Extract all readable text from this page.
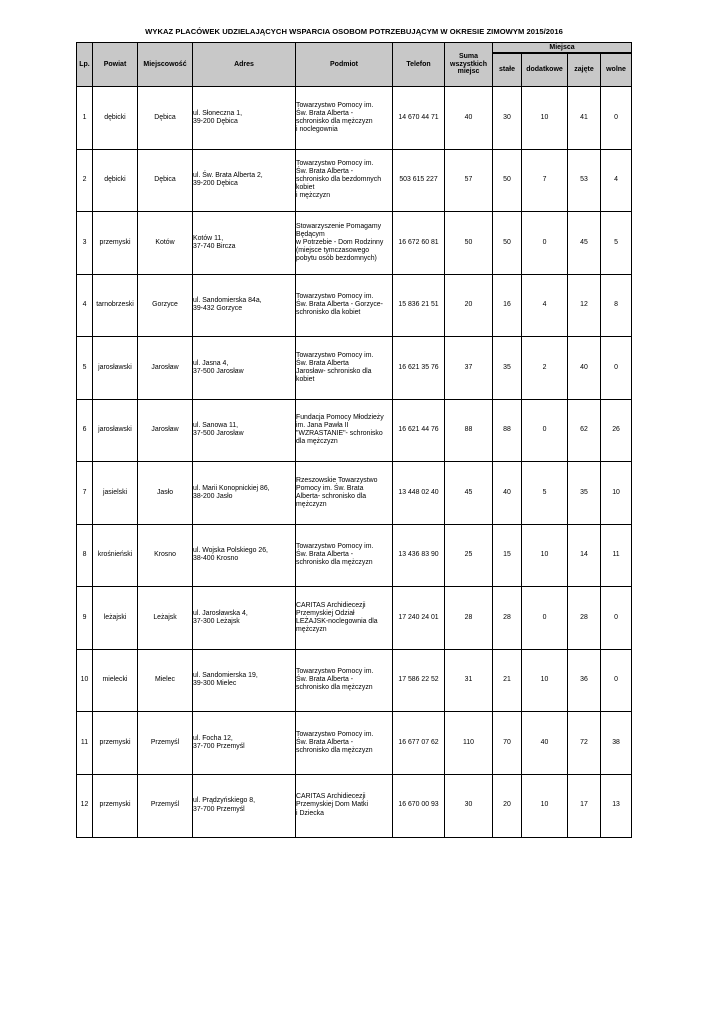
WYKAZ PLACÓWEK UDZIELAJĄCYCH WSPARCIA OSOBOM POTRZEBUJĄCYM W OKRESIE ZIMOWYM 2015/2016
Lp.	Powiat	Miejscowość	Adres	Podmiot	Telefon	Suma wszystkich miejsc	Miejsca			
							stałe	dodatkowe	zajęte	wolne
1	dębicki	Dębica	ul. Słoneczna 1,
39-200 Dębica	Towarzystwo Pomocy im.
Św. Brata Alberta -
schronisko dla mężczyzn
i noclegownia	14 670 44 71	40	30	10	41	0
2	dębicki	Dębica	ul. Św. Brata Alberta 2,
39-200 Dębica	Towarzystwo Pomocy im.
Św. Brata Alberta -
schronisko dla bezdomnych
kobiet
i mężczyzn	503 615 227	57	50	7	53	4
3	przemyski	Kotów	Kotów 11,
37-740 Bircza	Stowarzyszenie Pomagamy
Będącym
w Potrzebie - Dom Rodzinny
(miejsce tymczasowego
pobytu osób bezdomnych)	16 672 60 81	50	50	0	45	5
4	tarnobrzeski	Gorzyce	ul. Sandomierska 84a,
39-432 Gorzyce	Towarzystwo Pomocy im.
Św. Brata Alberta - Gorzyce-
schronisko dla kobiet	15 836 21 51	20	16	4	12	8
5	jarosławski	Jarosław	ul. Jasna 4,
37-500 Jarosław	Towarzystwo Pomocy im.
Św. Brata Alberta
Jarosław- schronisko dla
kobiet	16 621 35 76	37	35	2	40	0
6	jarosławski	Jarosław	ul. Sanowa 11,
37-500 Jarosław	Fundacja Pomocy Młodzieży
im. Jana Pawła II
"WZRASTANIE"- schronisko
dla mężczyzn	16 621 44 76	88	88	0	62	26
7	jasielski	Jasło	ul. Marii Konopnickiej 86,
38-200 Jasło	Rzeszowskie Towarzystwo
Pomocy im. Św. Brata
Alberta- schronisko dla
mężczyzn	13 448 02 40	45	40	5	35	10
8	krośnieński	Krosno	ul. Wojska Polskiego 26,
38-400 Krosno	Towarzystwo Pomocy im.
Św. Brata Alberta -
schronisko dla mężczyzn	13 436 83 90	25	15	10	14	11
9	leżajski	Leżajsk	ul. Jarosławska 4,
37-300 Leżajsk	CARITAS Archidiecezji
Przemyskiej Odział
LEŻAJSK-noclegownia dla
mężczyzn	17 240 24 01	28	28	0	28	0
10	mielecki	Mielec	ul. Sandomierska 19,
39-300 Mielec	Towarzystwo Pomocy im.
Św. Brata Alberta -
schronisko dla mężczyzn	17 586 22 52	31	21	10	36	0
11	przemyski	Przemyśl	ul. Focha 12,
37-700 Przemyśl	Towarzystwo Pomocy im.
Św. Brata Alberta -
schronisko dla mężczyzn	16 677 07 62	110	70	40	72	38
12	przemyski	Przemyśl	ul. Prądzyńskiego 8,
37-700 Przemyśl	CARITAS Archidiecezji
Przemyskiej Dom Matki
i Dziecka	16 670 00 93	30	20	10	17	13
